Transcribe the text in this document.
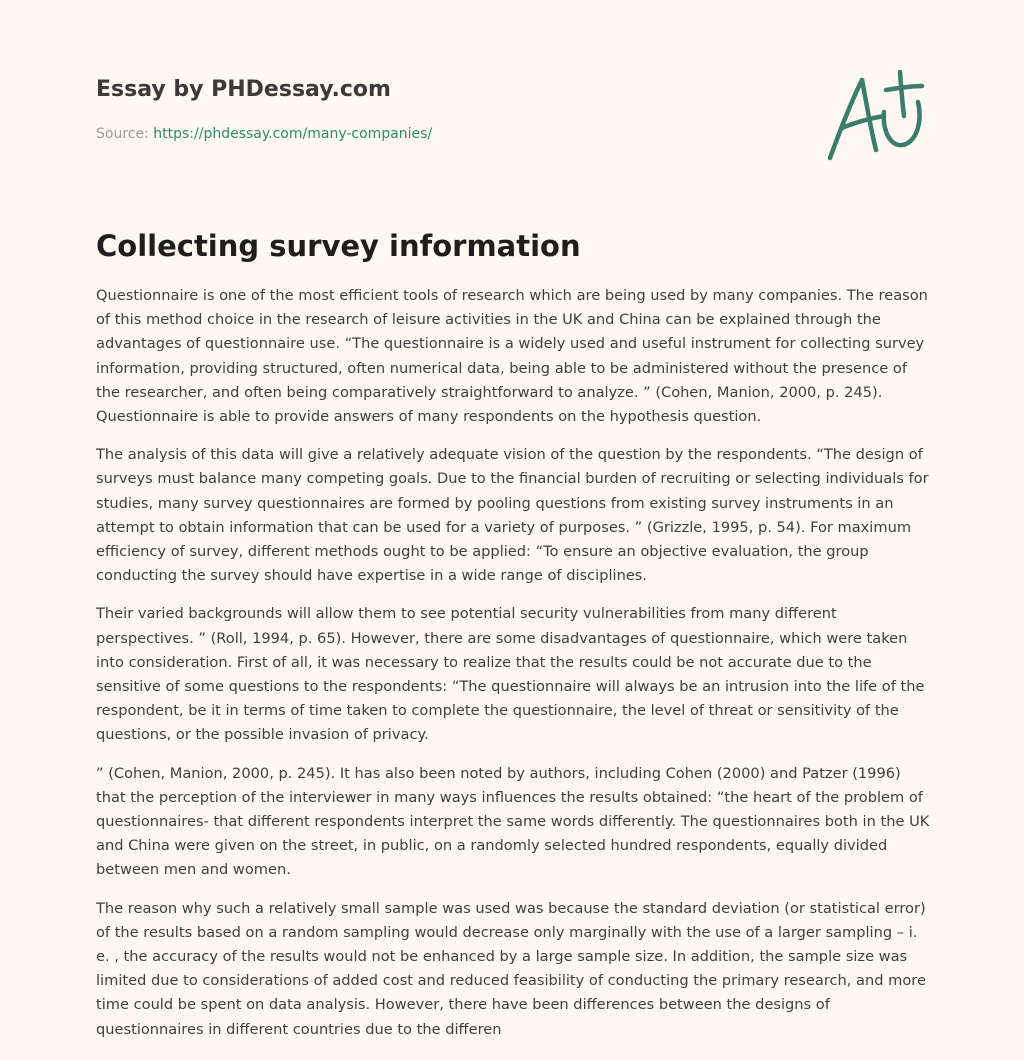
Essay by PHDessay.com
Source: https://phdessay.com/many-companies/
Collecting survey information

Questionnaire is one of the most efficient tools of research which are being used by many companies. The reason of this method choice in the research of leisure activities in the UK and China can be explained through the advantages of questionnaire use. “The questionnaire is a widely used and useful instrument for collecting survey information, providing structured, often numerical data, being able to be administered without the presence of the researcher, and often being comparatively straightforward to analyze. ” (Cohen, Manion, 2000, p. 245). Questionnaire is able to provide answers of many respondents on the hypothesis question.

The analysis of this data will give a relatively adequate vision of the question by the respondents. “The design of surveys must balance many competing goals. Due to the financial burden of recruiting or selecting individuals for studies, many survey questionnaires are formed by pooling questions from existing survey instruments in an attempt to obtain information that can be used for a variety of purposes. ” (Grizzle, 1995, p. 54). For maximum efficiency of survey, different methods ought to be applied: “To ensure an objective evaluation, the group conducting the survey should have expertise in a wide range of disciplines.

Their varied backgrounds will allow them to see potential security vulnerabilities from many different perspectives. ” (Roll, 1994, p. 65). However, there are some disadvantages of questionnaire, which were taken into consideration. First of all, it was necessary to realize that the results could be not accurate due to the sensitive of some questions to the respondents: “The questionnaire will always be an intrusion into the life of the respondent, be it in terms of time taken to complete the questionnaire, the level of threat or sensitivity of the questions, or the possible invasion of privacy.

” (Cohen, Manion, 2000, p. 245). It has also been noted by authors, including Cohen (2000) and Patzer (1996) that the perception of the interviewer in many ways influences the results obtained: “the heart of the problem of questionnaires- that different respondents interpret the same words differently. The questionnaires both in the UK and China were given on the street, in public, on a randomly selected hundred respondents, equally divided between men and women.

The reason why such a relatively small sample was used was because the standard deviation (or statistical error) of the results based on a random sampling would decrease only marginally with the use of a larger sampling – i. e. , the accuracy of the results would not be enhanced by a large sample size. In addition, the sample size was limited due to considerations of added cost and reduced feasibility of conducting the primary research, and more time could be spent on data analysis. However, there have been differences between the designs of questionnaires in different countries due to the differen
